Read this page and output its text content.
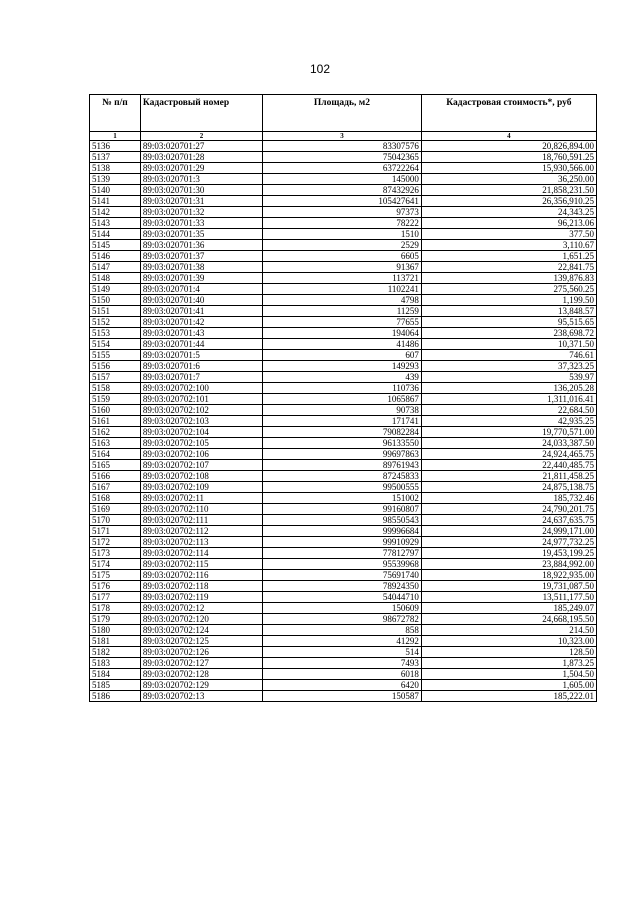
102
№ п/п	Кадастровый номер	Площадь, м2	Кадастровая стоимость*, руб
1	2	3	4
5136	89:03:020701:27	83307576	20,826,894.00
5137	89:03:020701:28	75042365	18,760,591.25
5138	89:03:020701:29	63722264	15,930,566.00
5139	89:03:020701:3	145000	36,250.00
5140	89:03:020701:30	87432926	21,858,231.50
5141	89:03:020701:31	105427641	26,356,910.25
5142	89:03:020701:32	97373	24,343.25
5143	89:03:020701:33	78222	96,213.06
5144	89:03:020701:35	1510	377.50
5145	89:03:020701:36	2529	3,110.67
5146	89:03:020701:37	6605	1,651.25
5147	89:03:020701:38	91367	22,841.75
5148	89:03:020701:39	113721	139,876.83
5149	89:03:020701:4	1102241	275,560.25
5150	89:03:020701:40	4798	1,199.50
5151	89:03:020701:41	11259	13,848.57
5152	89:03:020701:42	77655	95,515.65
5153	89:03:020701:43	194064	238,698.72
5154	89:03:020701:44	41486	10,371.50
5155	89:03:020701:5	607	746.61
5156	89:03:020701:6	149293	37,323.25
5157	89:03:020701:7	439	539.97
5158	89:03:020702:100	110736	136,205.28
5159	89:03:020702:101	1065867	1,311,016.41
5160	89:03:020702:102	90738	22,684.50
5161	89:03:020702:103	171741	42,935.25
5162	89:03:020702:104	79082284	19,770,571.00
5163	89:03:020702:105	96133550	24,033,387.50
5164	89:03:020702:106	99697863	24,924,465.75
5165	89:03:020702:107	89761943	22,440,485.75
5166	89:03:020702:108	87245833	21,811,458.25
5167	89:03:020702:109	99500555	24,875,138.75
5168	89:03:020702:11	151002	185,732.46
5169	89:03:020702:110	99160807	24,790,201.75
5170	89:03:020702:111	98550543	24,637,635.75
5171	89:03:020702:112	99996684	24,999,171.00
5172	89:03:020702:113	99910929	24,977,732.25
5173	89:03:020702:114	77812797	19,453,199.25
5174	89:03:020702:115	95539968	23,884,992.00
5175	89:03:020702:116	75691740	18,922,935.00
5176	89:03:020702:118	78924350	19,731,087.50
5177	89:03:020702:119	54044710	13,511,177.50
5178	89:03:020702:12	150609	185,249.07
5179	89:03:020702:120	98672782	24,668,195.50
5180	89:03:020702:124	858	214.50
5181	89:03:020702:125	41292	10,323.00
5182	89:03:020702:126	514	128.50
5183	89:03:020702:127	7493	1,873.25
5184	89:03:020702:128	6018	1,504.50
5185	89:03:020702:129	6420	1,605.00
5186	89:03:020702:13	150587	185,222.01
